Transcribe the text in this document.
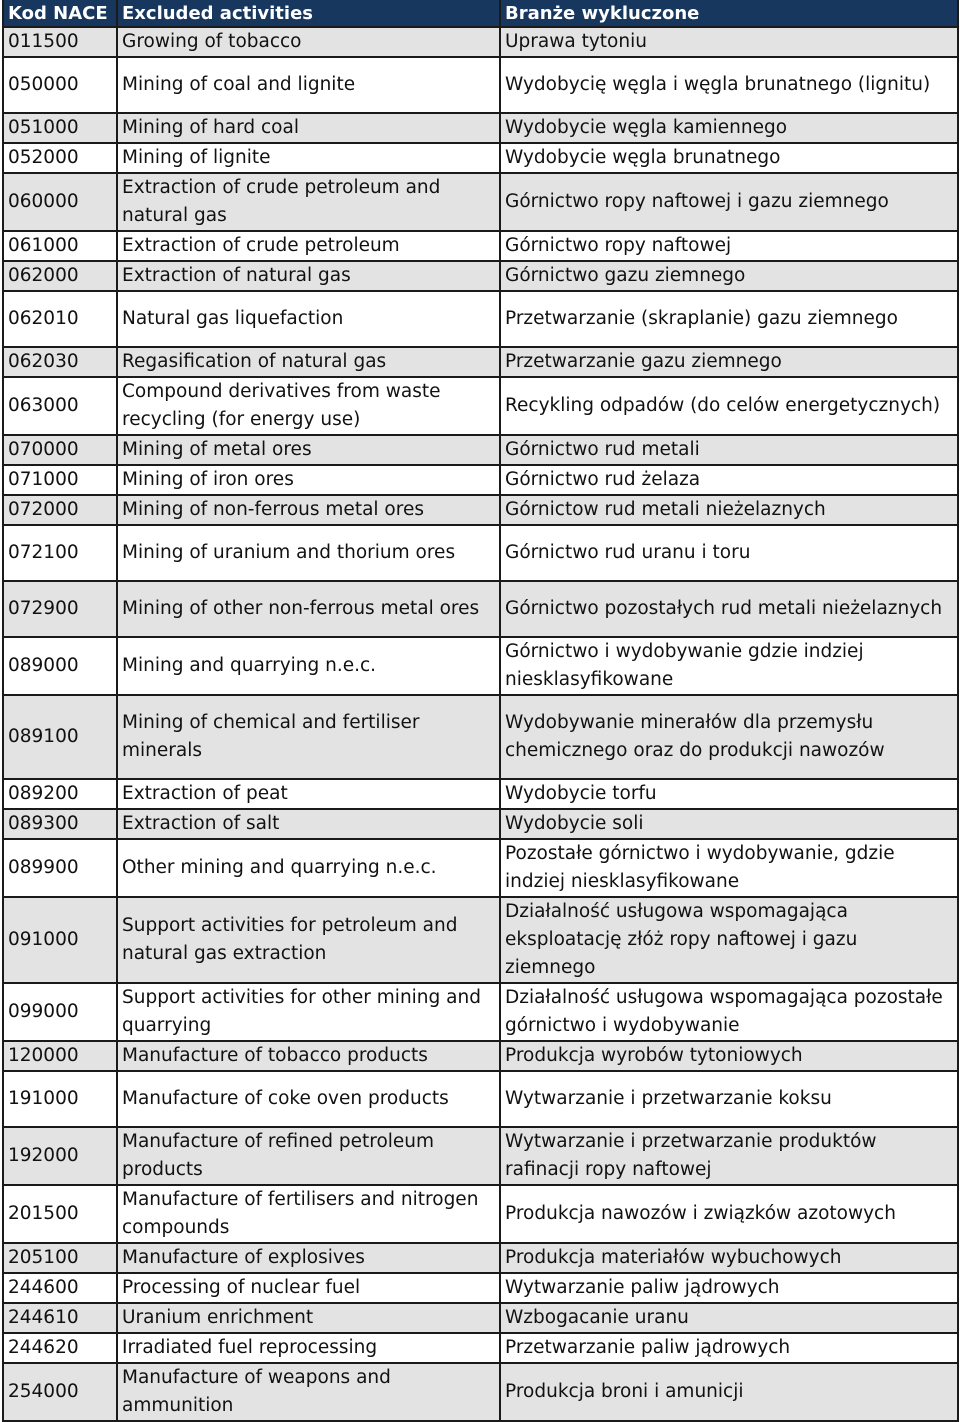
Kod NACE	Excluded activities	Branże wykluczone
011500	Growing of tobacco	Uprawa tytoniu
050000	Mining of coal and lignite	Wydobycię węgla i węgla brunatnego (lignitu)
051000	Mining of hard coal	Wydobycie węgla kamiennego
052000	Mining of lignite	Wydobycie węgla brunatnego
060000	Extraction of crude petroleum and natural gas	Górnictwo ropy naftowej i gazu ziemnego
061000	Extraction of crude petroleum	Górnictwo ropy naftowej
062000	Extraction of natural gas	Górnictwo gazu ziemnego
062010	Natural gas liquefaction	Przetwarzanie (skraplanie) gazu ziemnego
062030	Regasification of natural gas	Przetwarzanie gazu ziemnego
063000	Compound derivatives from waste recycling (for energy use)	Recykling odpadów (do celów energetycznych)
070000	Mining of metal ores	Górnictwo rud metali
071000	Mining of iron ores	Górnictwo rud żelaza
072000	Mining of non-ferrous metal ores	Górnictow rud metali nieżelaznych
072100	Mining of uranium and thorium ores	Górnictwo rud uranu i toru
072900	Mining of other non-ferrous metal ores	Górnictwo pozostałych rud metali nieżelaznych
089000	Mining and quarrying n.e.c.	Górnictwo i wydobywanie gdzie indziej niesklasyfikowane
089100	Mining of chemical and fertiliser minerals	Wydobywanie minerałów dla przemysłu chemicznego oraz do produkcji nawozów
089200	Extraction of peat	Wydobycie torfu
089300	Extraction of salt	Wydobycie soli
089900	Other mining and quarrying n.e.c.	Pozostałe górnictwo i wydobywanie, gdzie indziej niesklasyfikowane
091000	Support activities for petroleum and natural gas extraction	Działalność usługowa wspomagająca eksploatację złóż ropy naftowej i gazu ziemnego
099000	Support activities for other mining and quarrying	Działalność usługowa wspomagająca pozostałe górnictwo i wydobywanie
120000	Manufacture of tobacco products	Produkcja wyrobów tytoniowych
191000	Manufacture of coke oven products	Wytwarzanie i przetwarzanie koksu
192000	Manufacture of refined petroleum products	Wytwarzanie i przetwarzanie produktów rafinacji ropy naftowej
201500	Manufacture of fertilisers and nitrogen compounds	Produkcja nawozów i związków azotowych
205100	Manufacture of explosives	Produkcja materiałów wybuchowych
244600	Processing of nuclear fuel	Wytwarzanie paliw jądrowych
244610	Uranium enrichment	Wzbogacanie uranu
244620	Irradiated fuel reprocessing	Przetwarzanie paliw jądrowych
254000	Manufacture of weapons and ammunition	Produkcja broni i amunicji
